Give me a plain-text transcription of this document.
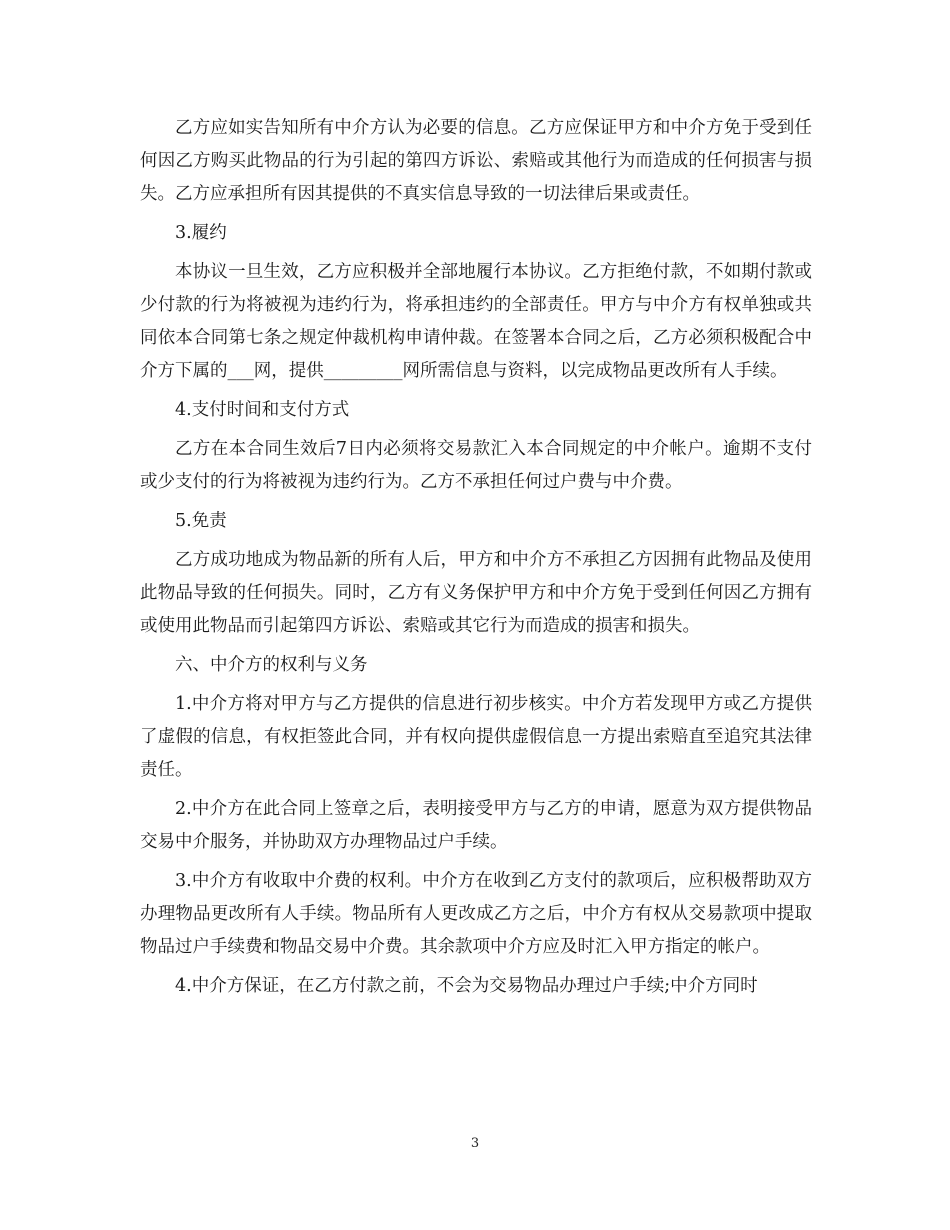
乙方应如实告知所有中介方认为必要的信息。乙方应保证甲方和中介方免于受到任何因乙方购买此物品的行为引起的第四方诉讼、索赔或其他行为而造成的任何损害与损失。乙方应承担所有因其提供的不真实信息导致的一切法律后果或责任。

3.履约

本协议一旦生效，乙方应积极并全部地履行本协议。乙方拒绝付款，不如期付款或少付款的行为将被视为违约行为，将承担违约的全部责任。甲方与中介方有权单独或共同依本合同第七条之规定仲裁机构申请仲裁。在签署本合同之后，乙方必须积极配合中介方下属的___网，提供_________网所需信息与资料，以完成物品更改所有人手续。

4.支付时间和支付方式

乙方在本合同生效后7日内必须将交易款汇入本合同规定的中介帐户。逾期不支付或少支付的行为将被视为违约行为。乙方不承担任何过户费与中介费。

5.免责

乙方成功地成为物品新的所有人后，甲方和中介方不承担乙方因拥有此物品及使用此物品导致的任何损失。同时，乙方有义务保护甲方和中介方免于受到任何因乙方拥有或使用此物品而引起第四方诉讼、索赔或其它行为而造成的损害和损失。

六、中介方的权利与义务

1.中介方将对甲方与乙方提供的信息进行初步核实。中介方若发现甲方或乙方提供了虚假的信息，有权拒签此合同，并有权向提供虚假信息一方提出索赔直至追究其法律责任。

2.中介方在此合同上签章之后，表明接受甲方与乙方的申请，愿意为双方提供物品交易中介服务，并协助双方办理物品过户手续。

3.中介方有收取中介费的权利。中介方在收到乙方支付的款项后，应积极帮助双方办理物品更改所有人手续。物品所有人更改成乙方之后，中介方有权从交易款项中提取物品过户手续费和物品交易中介费。其余款项中介方应及时汇入甲方指定的帐户。

4.中介方保证，在乙方付款之前，不会为交易物品办理过户手续;中介方同时

3
